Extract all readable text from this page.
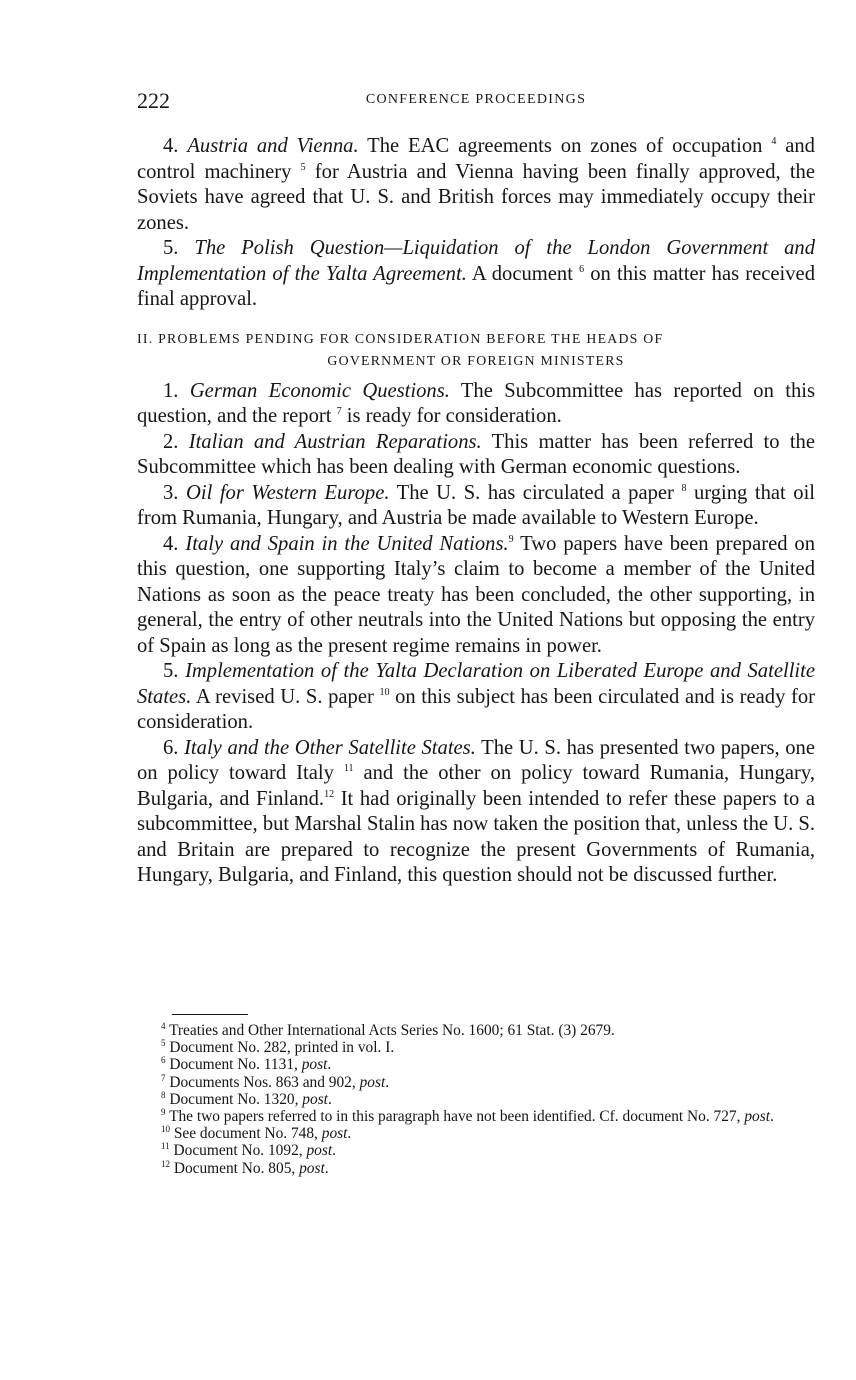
222	CONFERENCE PROCEEDINGS

4. Austria and Vienna. The EAC agreements on zones of occupation $^4$ and control machinery $^5$ for Austria and Vienna having been finally approved, the Soviets have agreed that U. S. and British forces may immediately occupy their zones.

5. The Polish Question—Liquidation of the London Government and Implementation of the Yalta Agreement. A document $^6$ on this matter has received final approval.

II. PROBLEMS PENDING FOR CONSIDERATION BEFORE THE HEADS OF
GOVERNMENT OR FOREIGN MINISTERS

1. German Economic Questions. The Subcommittee has reported on this question, and the report $^7$ is ready for consideration.

2. Italian and Austrian Reparations. This matter has been referred to the Subcommittee which has been dealing with German economic questions.

3. Oil for Western Europe. The U. S. has circulated a paper $^8$ urging that oil from Rumania, Hungary, and Austria be made available to Western Europe.

4. Italy and Spain in the United Nations.$^9$ Two papers have been prepared on this question, one supporting Italy’s claim to become a member of the United Nations as soon as the peace treaty has been concluded, the other supporting, in general, the entry of other neutrals into the United Nations but opposing the entry of Spain as long as the present regime remains in power.

5. Implementation of the Yalta Declaration on Liberated Europe and Satellite States. A revised U. S. paper $^{10}$ on this subject has been circulated and is ready for consideration.

6. Italy and the Other Satellite States. The U. S. has presented two papers, one on policy toward Italy $^{11}$ and the other on policy toward Rumania, Hungary, Bulgaria, and Finland.$^{12}$ It had originally been intended to refer these papers to a subcommittee, but Marshal Stalin has now taken the position that, unless the U. S. and Britain are prepared to recognize the present Governments of Rumania, Hungary, Bulgaria, and Finland, this question should not be discussed further.

$^4$ Treaties and Other International Acts Series No. 1600; 61 Stat. (3) 2679.
$^5$ Document No. 282, printed in vol. I.
$^6$ Document No. 1131, post.
$^7$ Documents Nos. 863 and 902, post.
$^8$ Document No. 1320, post.
$^9$ The two papers referred to in this paragraph have not been identified. Cf. document No. 727, post.
$^{10}$ See document No. 748, post.
$^{11}$ Document No. 1092, post.
$^{12}$ Document No. 805, post.
